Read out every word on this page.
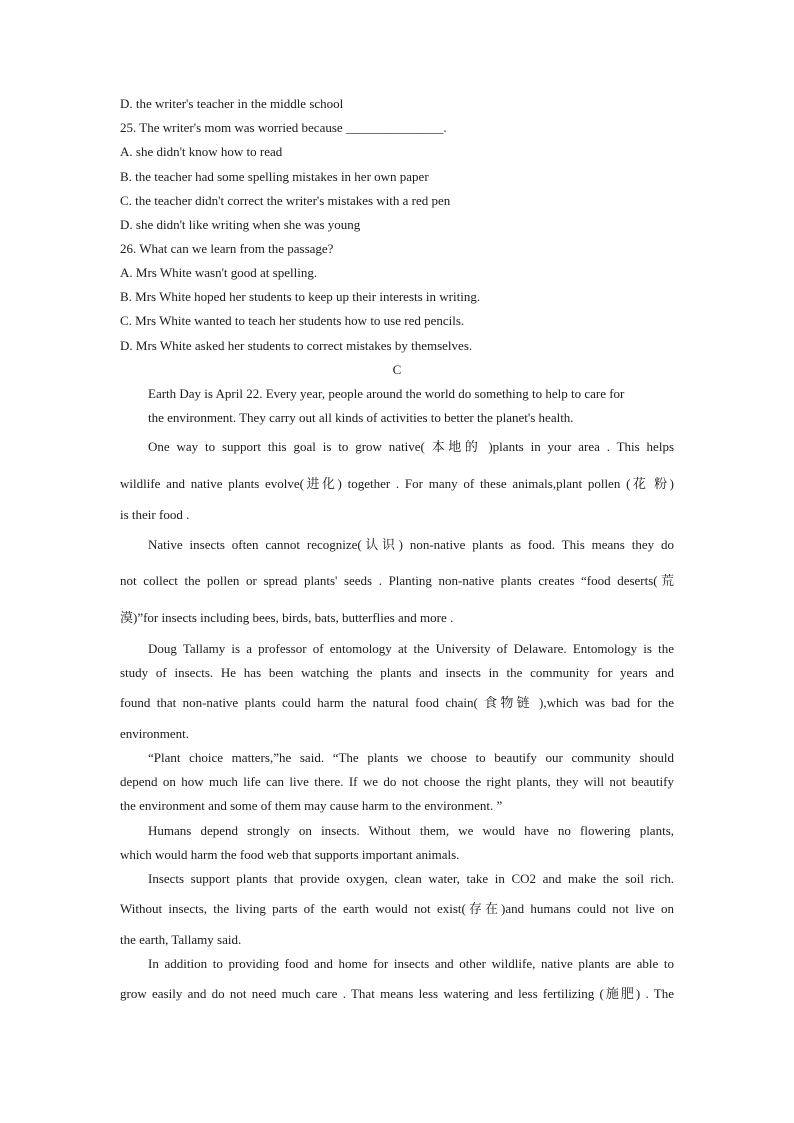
D. the writer's teacher in the middle school
25. The writer's mom was worried because _______________.
A. she didn't know how to read
B. the teacher had some spelling mistakes in her own paper
C. the teacher didn't correct the writer's mistakes with a red pen
D. she didn't like writing when she was young
26. What can we learn from the passage?
A. Mrs White wasn't good at spelling.
B. Mrs White hoped her students to keep up their interests in writing.
C. Mrs White wanted to teach her students how to use red pencils.
D. Mrs White asked her students to correct mistakes by themselves.
C
Earth Day is April 22. Every year, people around the world do something to help to care for
the environment. They carry out all kinds of activities to better the planet's health.
One way to support this goal is to grow native( 本地的 )plants in your area . This helps
wildlife and native plants evolve(进化) together . For many of these animals,plant pollen (花 粉)
is their food .
Native insects often cannot recognize(认识) non-native plants as food. This means they do
not collect the pollen or spread plants' seeds . Planting non-native plants creates “food deserts(荒
漠)”for insects including bees, birds, bats, butterflies and more .
Doug Tallamy is a professor of entomology at the University of Delaware. Entomology is the
study of insects. He has been watching the plants and insects in the community for years and
found that non-native plants could harm the natural food chain( 食物链 ),which was bad for the
environment.
“Plant choice matters,”he said. “The plants we choose to beautify our community should
depend on how much life can live there. If we do not choose the right plants, they will not beautify
the environment and some of them may cause harm to the environment. ”
Humans depend strongly on insects. Without them, we would have no flowering plants,
which would harm the food web that supports important animals.
Insects support plants that provide oxygen, clean water, take in CO2 and make the soil rich.
Without insects, the living parts of the earth would not exist(存在)and humans could not live on
the earth, Tallamy said.
In addition to providing food and home for insects and other wildlife, native plants are able to
grow easily and do not need much care . That means less watering and less fertilizing (施肥) . The
